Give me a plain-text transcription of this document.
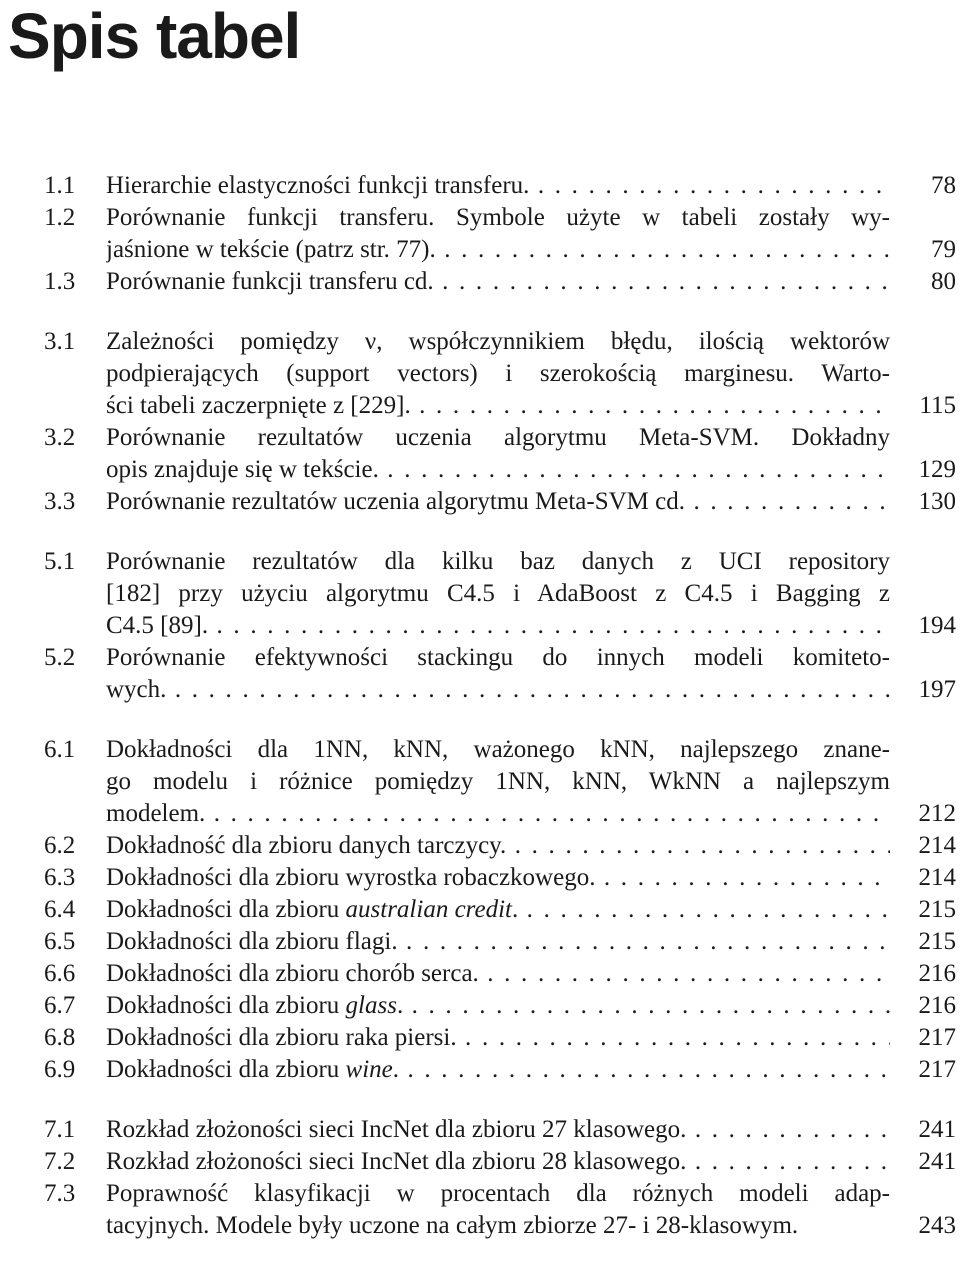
Spis tabel
1.1 Hierarchie elastyczności funkcji transferu. . . .	78
1.2 Porównanie funkcji transferu. Symbole użyte w tabeli zostały wy-
jaśnione w tekście (patrz str. 77). . . .	79
1.3 Porównanie funkcji transferu cd. . . .	80
3.1 Zależności pomiędzy ν, współczynnikiem błędu, ilością wektorów
podpierających (support vectors) i szerokością marginesu. Warto-
ści tabeli zaczerpnięte z [229]. . . .	115
3.2 Porównanie rezultatów uczenia algorytmu Meta-SVM. Dokładny
opis znajduje się w tekście. . . .	129
3.3 Porównanie rezultatów uczenia algorytmu Meta-SVM cd. . . .	130
5.1 Porównanie rezultatów dla kilku baz danych z UCI repository
[182] przy użyciu algorytmu C4.5 i AdaBoost z C4.5 i Bagging z
C4.5 [89]. . . .	194
5.2 Porównanie efektywności stackingu do innych modeli komiteto-
wych. . . .	197
6.1 Dokładności dla 1NN, kNN, ważonego kNN, najlepszego znane-
go modelu i różnice pomiędzy 1NN, kNN, WkNN a najlepszym
modelem. . . .	212
6.2 Dokładność dla zbioru danych tarczycy. . . .	214
6.3 Dokładności dla zbioru wyrostka robaczkowego. . . .	214
6.4 Dokładności dla zbioru australian credit. . . .	215
6.5 Dokładności dla zbioru flagi. . . .	215
6.6 Dokładności dla zbioru chorób serca. . . .	216
6.7 Dokładności dla zbioru glass. . . .	216
6.8 Dokładności dla zbioru raka piersi. . . .	217
6.9 Dokładności dla zbioru wine. . . .	217
7.1 Rozkład złożoności sieci IncNet dla zbioru 27 klasowego. . . .	241
7.2 Rozkład złożoności sieci IncNet dla zbioru 28 klasowego. . . .	241
7.3 Poprawność klasyfikacji w procentach dla różnych modeli adap-
tacyjnych. Modele były uczone na całym zbiorze 27- i 28-klasowym.	243
